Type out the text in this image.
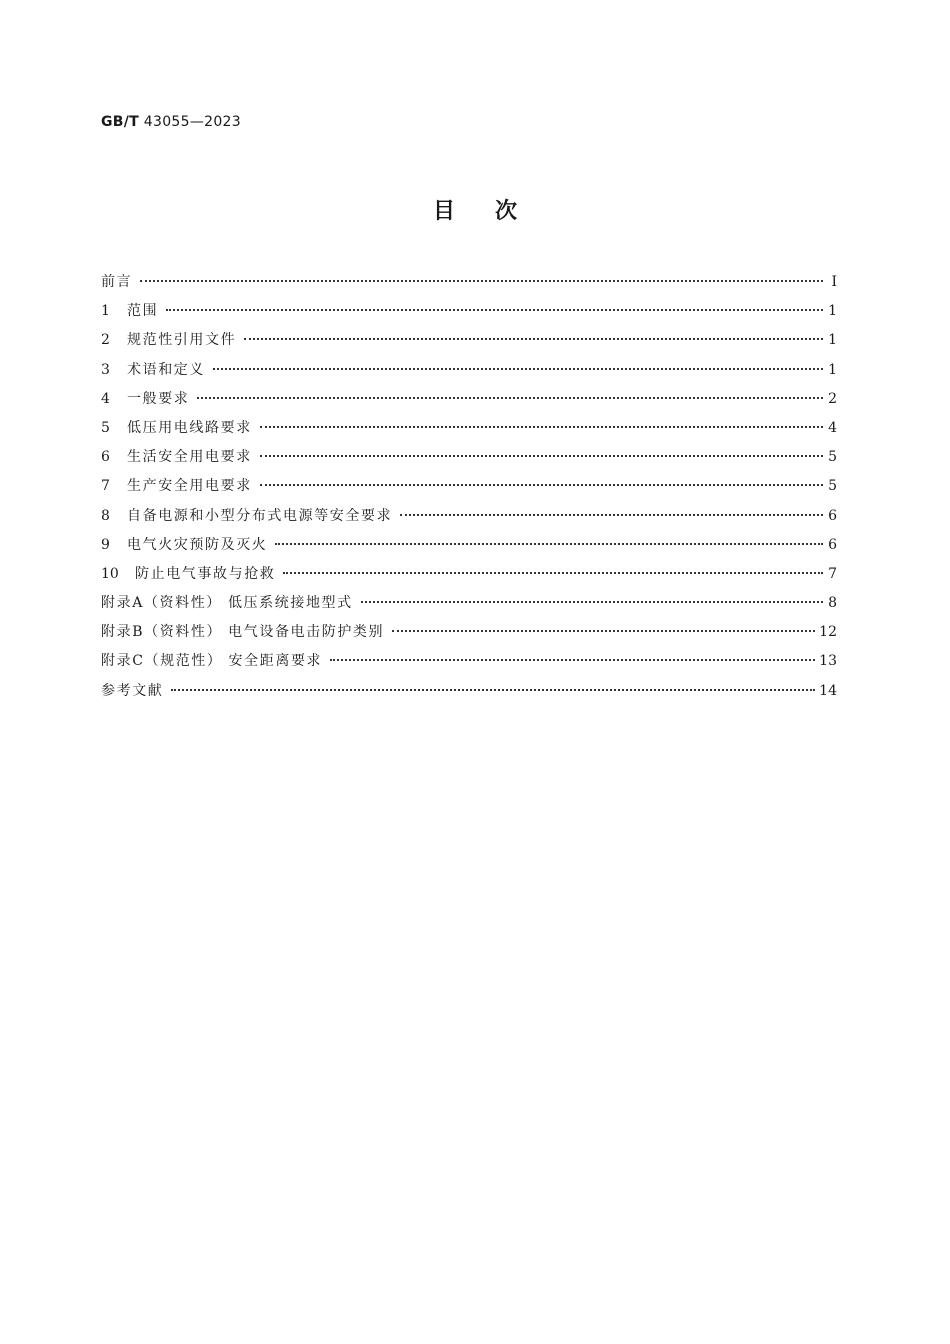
GB/T 43055—2023
目次
前言	Ⅰ
1	范围	1
2	规范性引用文件	1
3	术语和定义	1
4	一般要求	2
5	低压用电线路要求	4
6	生活安全用电要求	5
7	生产安全用电要求	5
8	自备电源和小型分布式电源等安全要求	6
9	电气火灾预防及灭火	6
10	防止电气事故与抢救	7
附录A（资料性） 低压系统接地型式	8
附录B（资料性） 电气设备电击防护类别	12
附录C（规范性） 安全距离要求	13
参考文献	14
